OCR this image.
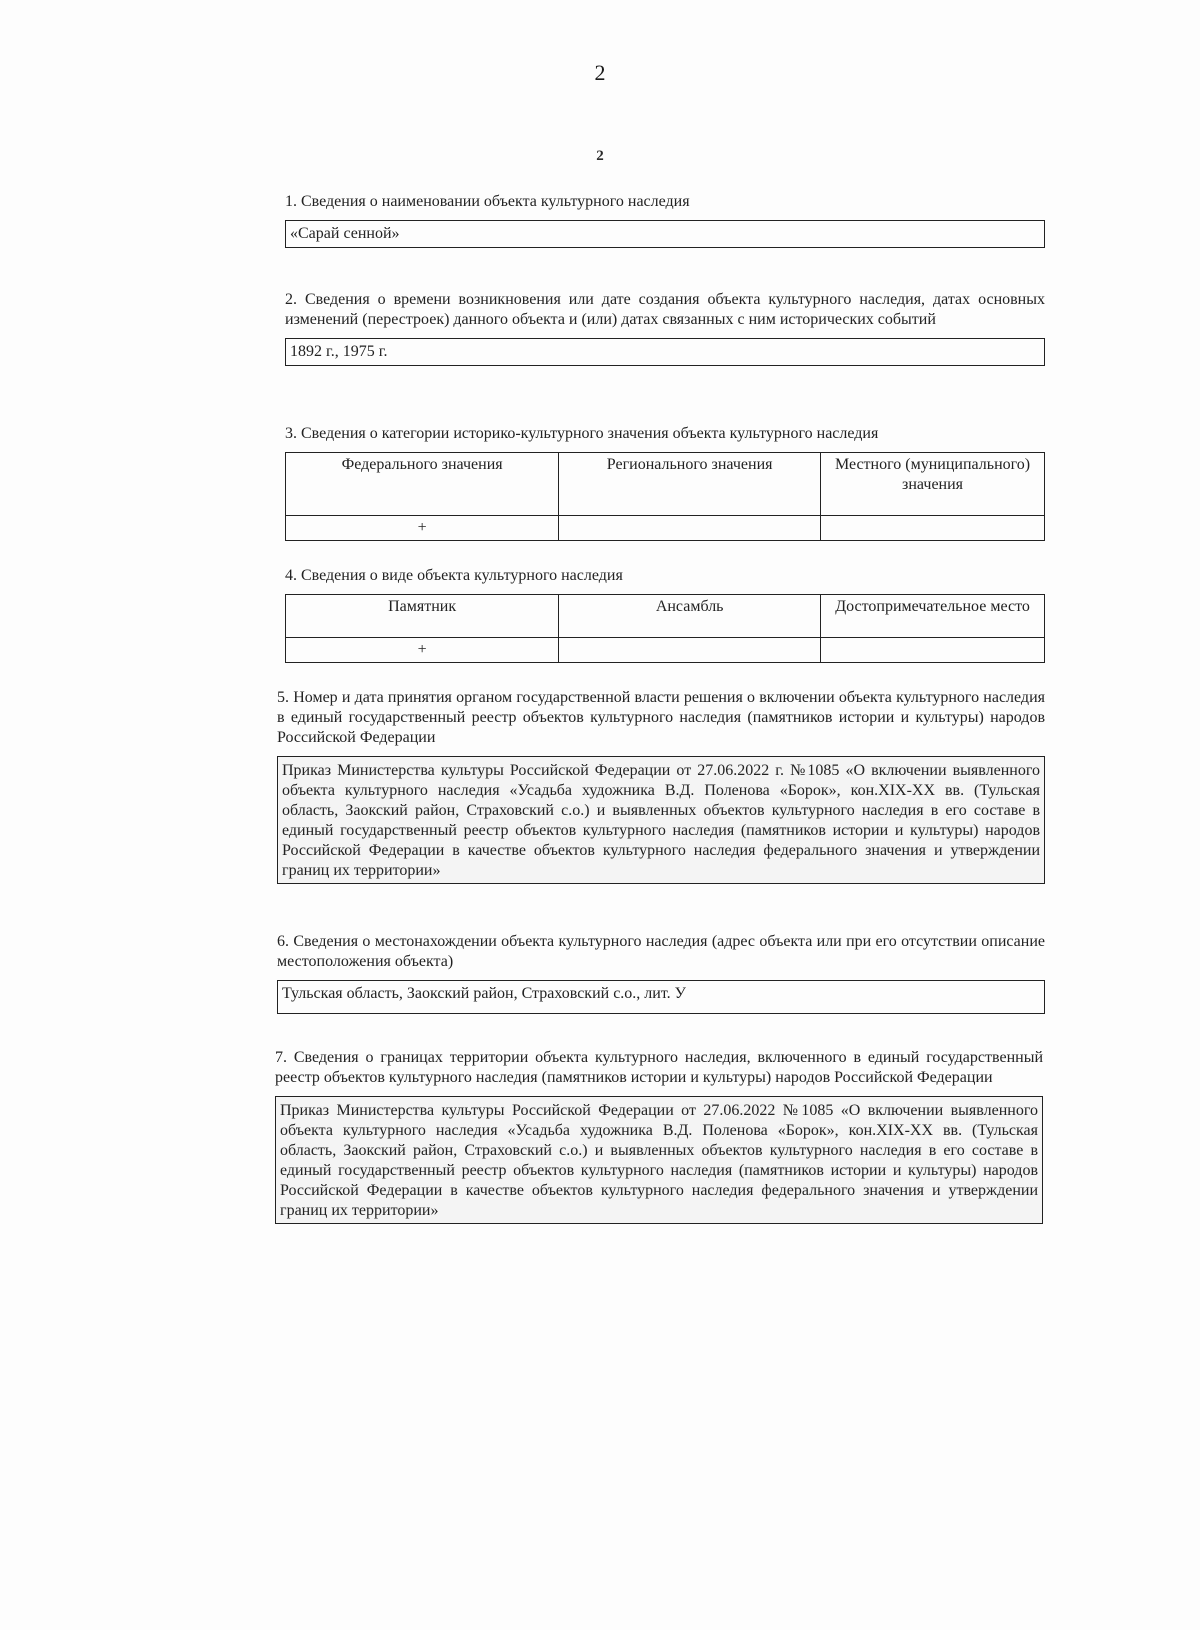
2
2

1. Сведения о наименовании объекта культурного наследия

«Сарай сенной»

2. Сведения о времени возникновения или дате создания объекта культурного наследия, датах основных изменений (перестроек) данного объекта и (или) датах связанных с ним исторических событий

1892 г., 1975 г.

3. Сведения о категории историко-культурного значения объекта культурного наследия

Федерального значения	Регионального значения	Местного (муниципального) значения
+		

4. Сведения о виде объекта культурного наследия

Памятник	Ансамбль	Достопримечательное место
+		

5. Номер и дата принятия органом государственной власти решения о включении объекта культурного наследия в единый государственный реестр объектов культурного наследия (памятников истории и культуры) народов Российской Федерации

Приказ Министерства культуры Российской Федерации от 27.06.2022 г. №1085 «О включении выявленного объекта культурного наследия «Усадьба художника В.Д. Поленова «Борок», кон.XIX-XX вв. (Тульская область, Заокский район, Страховский с.о.) и выявленных объектов культурного наследия в его составе в единый государственный реестр объектов культурного наследия (памятников истории и культуры) народов Российской Федерации в качестве объектов культурного наследия федерального значения и утверждении границ их территории»

6. Сведения о местонахождении объекта культурного наследия (адрес объекта или при его отсутствии описание местоположения объекта)

Тульская область, Заокский район, Страховский с.о., лит. У

7. Сведения о границах территории объекта культурного наследия, включенного в единый государственный реестр объектов культурного наследия (памятников истории и культуры) народов Российской Федерации

Приказ Министерства культуры Российской Федерации от 27.06.2022 №1085 «О включении выявленного объекта культурного наследия «Усадьба художника В.Д. Поленова «Борок», кон.XIX-XX вв. (Тульская область, Заокский район, Страховский с.о.) и выявленных объектов культурного наследия в его составе в единый государственный реестр объектов культурного наследия (памятников истории и культуры) народов Российской Федерации в качестве объектов культурного наследия федерального значения и утверждении границ их территории»
